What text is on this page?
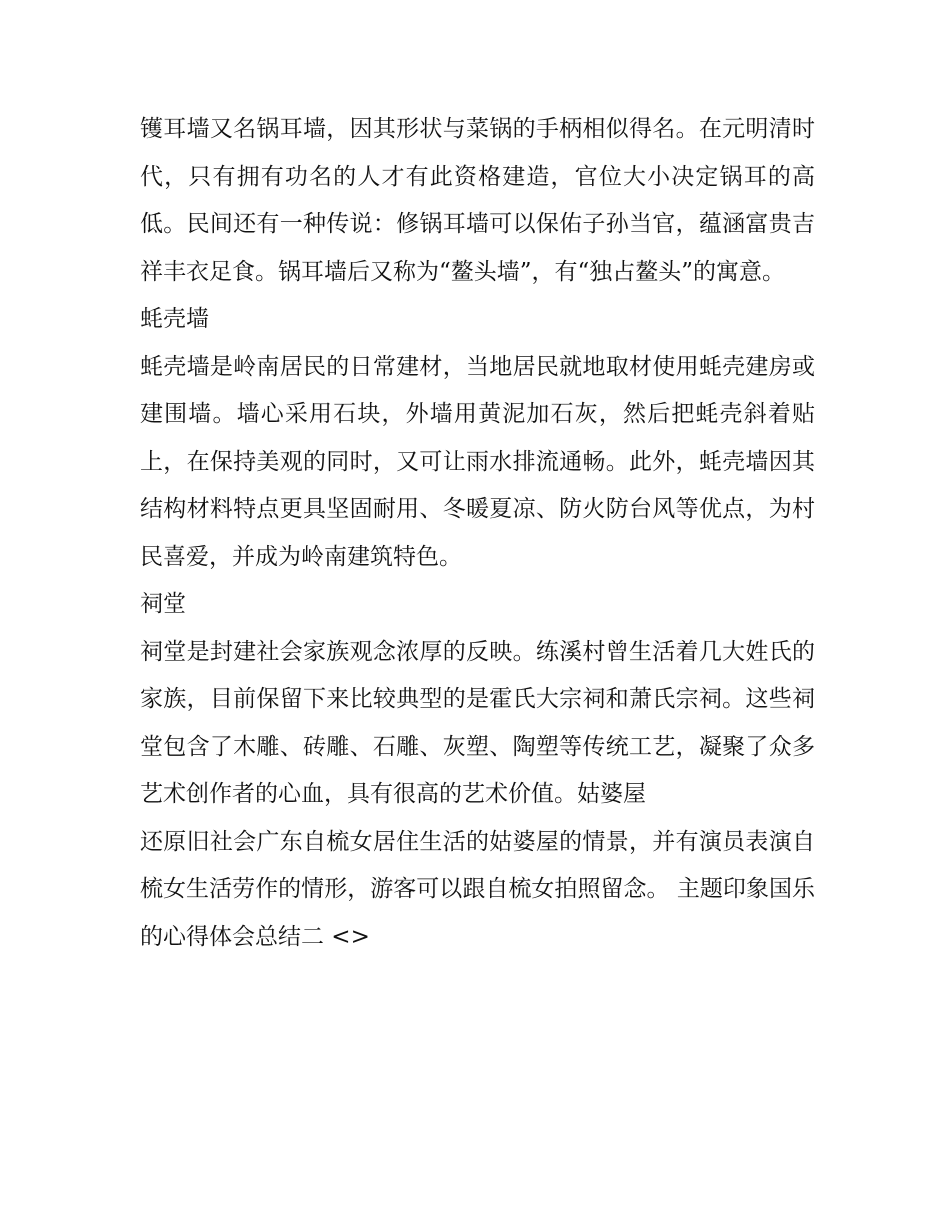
镬耳墙又名锅耳墙，因其形状与菜锅的手柄相似得名。在元明清时代，只有拥有功名的人才有此资格建造，官位大小决定锅耳的高低。民间还有一种传说：修锅耳墙可以保佑子孙当官，蕴涵富贵吉祥丰衣足食。锅耳墙后又称为“鳌头墙”，有“独占鳌头”的寓意。

蚝壳墙

蚝壳墙是岭南居民的日常建材，当地居民就地取材使用蚝壳建房或建围墙。墙心采用石块，外墙用黄泥加石灰，然后把蚝壳斜着贴上，在保持美观的同时，又可让雨水排流通畅。此外，蚝壳墙因其结构材料特点更具坚固耐用、冬暖夏凉、防火防台风等优点，为村民喜爱，并成为岭南建筑特色。

祠堂

祠堂是封建社会家族观念浓厚的反映。练溪村曾生活着几大姓氏的家族，目前保留下来比较典型的是霍氏大宗祠和萧氏宗祠。这些祠堂包含了木雕、砖雕、石雕、灰塑、陶塑等传统工艺，凝聚了众多艺术创作者的心血，具有很高的艺术价值。姑婆屋

还原旧社会广东自梳女居住生活的姑婆屋的情景，并有演员表演自梳女生活劳作的情形，游客可以跟自梳女拍照留念。 主题印象国乐的心得体会总结二 <>
